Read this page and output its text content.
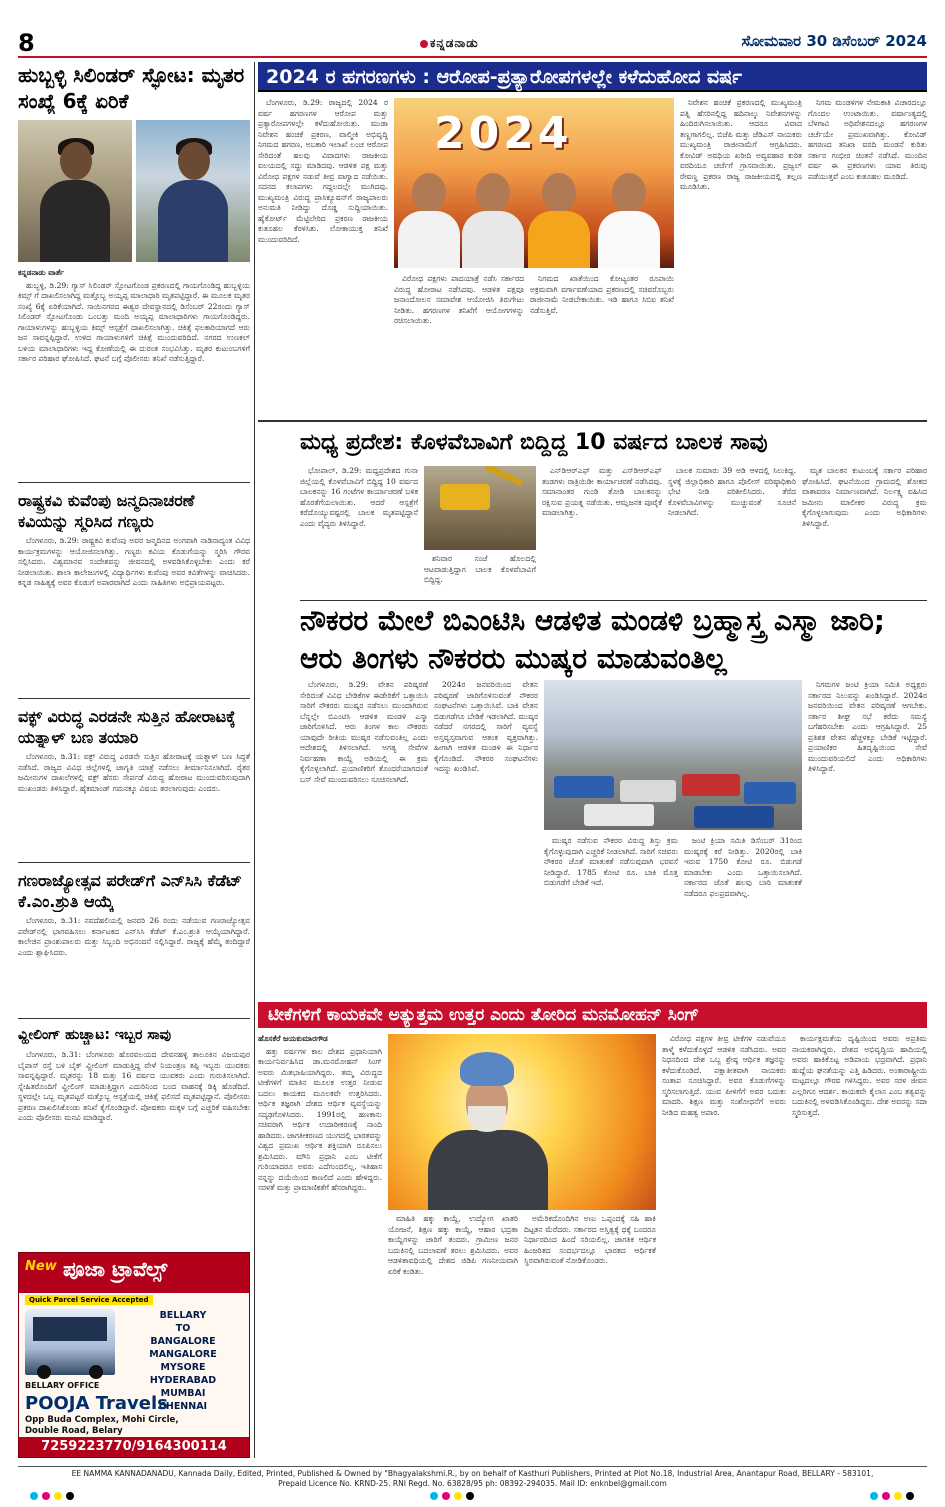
8	ಕನ್ನಡನಾಡು	ಸೋಮವಾರ 30 ಡಿಸೆಂಬರ್ 2024
ಹುಬ್ಬಳ್ಳಿ ಸಿಲಿಂಡರ್ ಸ್ಫೋಟ: ಮೃತರ ಸಂಖ್ಯೆ 6ಕ್ಕೆ ಏರಿಕೆ
ಕನ್ನಡನಾಡು ವಾರ್ತೆ

ಹುಬ್ಬಳ್ಳಿ, ಡಿ.29: ಗ್ಯಾಸ್ ಸಿಲಿಂಡರ್ ಸ್ಫೋಟಗೊಂಡ ಪ್ರಕರಣದಲ್ಲಿ ಗಾಯಗೊಂಡಿದ್ದ ಹುಬ್ಬಳ್ಳಿಯ ಕಿಮ್ಸ್ ಗೆ ದಾಖಲಿಸಲಾಗಿದ್ದ ಮತ್ತೊಬ್ಬ ಅಯ್ಯಪ್ಪ ಮಾಲಾಧಾರಿ ಮೃತಪಟ್ಟಿದ್ದಾರೆ. ಈ ಮೂಲಕ ಮೃತರ ಸಂಖ್ಯೆ 6ಕ್ಕೆ ಏರಿಕೆಯಾಗಿದೆ. ಸಾಯಿನಗರದ ಈಶ್ವರ ದೇವಸ್ಥಾನದಲ್ಲಿ ಡಿಸೆಂಬರ್ 22ರಂದು ಗ್ಯಾಸ್ ಸಿಲಿಂಡರ್ ಸ್ಫೋಟಗೊಂಡು ಒಂಬತ್ತು ಮಂದಿ ಅಯ್ಯಪ್ಪ ಮಾಲಾಧಾರಿಗಳು ಗಾಯಗೊಂಡಿದ್ದರು. ಗಾಯಾಳುಗಳನ್ನು ಹುಬ್ಬಳ್ಳಿಯ ಕಿಮ್ಸ್ ಆಸ್ಪತ್ರೆಗೆ ದಾಖಲಿಸಲಾಗಿತ್ತು. ಚಿಕಿತ್ಸೆ ಫಲಕಾರಿಯಾಗದೆ ಆರು ಜನ ಸಾವನ್ನಪ್ಪಿದ್ದಾರೆ. ಉಳಿದ ಗಾಯಾಳುಗಳಿಗೆ ಚಿಕಿತ್ಸೆ ಮುಂದುವರಿದಿದೆ. ನಗರದ ಉಣಕಲ್ ಬಳಿಯ ಮಾಲಾಧಾರಿಗಳು ಇದ್ದ ಕೋಣೆಯಲ್ಲಿ ಈ ದುರಂತ ಸಂಭವಿಸಿತ್ತು. ಮೃತರ ಕುಟುಂಬಗಳಿಗೆ ಸರ್ಕಾರ ಪರಿಹಾರ ಘೋಷಿಸಿದೆ. ಘಟನೆ ಬಗ್ಗೆ ಪೊಲೀಸರು ತನಿಖೆ ನಡೆಸುತ್ತಿದ್ದಾರೆ.

ರಾಷ್ಟ್ರಕವಿ ಕುವೆಂಪು ಜನ್ಮದಿನಾಚರಣೆ ಕವಿಯನ್ನು ಸ್ಮರಿಸಿದ ಗಣ್ಯರು

ಬೆಂಗಳೂರು, ಡಿ.29: ರಾಷ್ಟ್ರಕವಿ ಕುವೆಂಪು ಅವರ ಜನ್ಮದಿನದ ಅಂಗವಾಗಿ ನಾಡಿನಾದ್ಯಂತ ವಿವಿಧ ಕಾರ್ಯಕ್ರಮಗಳನ್ನು ಆಯೋಜಿಸಲಾಗಿತ್ತು. ಗಣ್ಯರು ಕವಿಯ ಕೊಡುಗೆಯನ್ನು ಸ್ಮರಿಸಿ ಗೌರವ ಸಲ್ಲಿಸಿದರು. ವಿಶ್ವಮಾನವ ಸಂದೇಶವನ್ನು ಜೀವನದಲ್ಲಿ ಅಳವಡಿಸಿಕೊಳ್ಳಬೇಕು ಎಂದು ಕರೆ ನೀಡಲಾಯಿತು. ಶಾಲಾ ಕಾಲೇಜುಗಳಲ್ಲಿ ವಿದ್ಯಾರ್ಥಿಗಳು ಕುವೆಂಪು ಅವರ ಕವಿತೆಗಳನ್ನು ವಾಚಿಸಿದರು. ಕನ್ನಡ ಸಾಹಿತ್ಯಕ್ಕೆ ಅವರ ಕೊಡುಗೆ ಅಪಾರವಾಗಿದೆ ಎಂದು ಸಾಹಿತಿಗಳು ಅಭಿಪ್ರಾಯಪಟ್ಟರು.

ವಕ್ಫ್ ವಿರುದ್ಧ ಎರಡನೇ ಸುತ್ತಿನ ಹೋರಾಟಕ್ಕೆ ಯತ್ನಾಳ್ ಬಣ ತಯಾರಿ

ಬೆಂಗಳೂರು, ಡಿ.31: ವಕ್ಫ್ ವಿರುದ್ಧ ಎರಡನೇ ಸುತ್ತಿನ ಹೋರಾಟಕ್ಕೆ ಯತ್ನಾಳ್ ಬಣ ಸಿದ್ಧತೆ ನಡೆಸಿದೆ. ರಾಜ್ಯದ ವಿವಿಧ ಜಿಲ್ಲೆಗಳಲ್ಲಿ ಜಾಗೃತಿ ಯಾತ್ರೆ ನಡೆಸಲು ತೀರ್ಮಾನಿಸಲಾಗಿದೆ. ರೈತರ ಜಮೀನುಗಳ ದಾಖಲೆಗಳಲ್ಲಿ ವಕ್ಫ್ ಹೆಸರು ಸೇರ್ಪಡೆ ವಿರುದ್ಧ ಹೋರಾಟ ಮುಂದುವರಿಸುವುದಾಗಿ ಮುಖಂಡರು ತಿಳಿಸಿದ್ದಾರೆ. ಹೈಕಮಾಂಡ್ ಗಮನಕ್ಕೂ ವಿಷಯ ತರಲಾಗುವುದು ಎಂದರು.

ಗಣರಾಜ್ಯೋತ್ಸವ ಪರೇಡ್‌ಗೆ ಎನ್‌ಸಿಸಿ ಕೆಡೆಟ್ ಕೆ.ಎಂ.ಶ್ರುತಿ ಆಯ್ಕೆ

ಬೆಂಗಳೂರು, ಡಿ.31: ನವದೆಹಲಿಯಲ್ಲಿ ಜನವರಿ 26 ರಂದು ನಡೆಯುವ ಗಣರಾಜ್ಯೋತ್ಸವ ಪರೇಡ್‌ನಲ್ಲಿ ಭಾಗವಹಿಸಲು ಕರ್ನಾಟಕದ ಎನ್‌ಸಿಸಿ ಕೆಡೆಟ್ ಕೆ.ಎಂ.ಶ್ರುತಿ ಆಯ್ಕೆಯಾಗಿದ್ದಾರೆ. ಕಾಲೇಜಿನ ಪ್ರಾಂಶುಪಾಲರು ಮತ್ತು ಸಿಬ್ಬಂದಿ ಅಭಿನಂದನೆ ಸಲ್ಲಿಸಿದ್ದಾರೆ. ರಾಜ್ಯಕ್ಕೆ ಹೆಮ್ಮೆ ತಂದಿದ್ದಾರೆ ಎಂದು ಶ್ಲಾಘಿಸಿದರು.

ವ್ಹೀಲಿಂಗ್ ಹುಚ್ಚಾಟ: ಇಬ್ಬರ ಸಾವು

ಬೆಂಗಳೂರು, ಡಿ.31: ಬೆಂಗಳೂರು ಹೊರವಲಯದ ದೇವನಹಳ್ಳಿ ತಾಲೂಕಿನ ವಿಜಯಪುರ ಬೈಪಾಸ್ ರಸ್ತೆ ಬಳಿ ಬೈಕ್ ವ್ಹೀಲಿಂಗ್ ಮಾಡುತ್ತಿದ್ದ ವೇಳೆ ನಿಯಂತ್ರಣ ತಪ್ಪಿ ಇಬ್ಬರು ಯುವಕರು ಸಾವನ್ನಪ್ಪಿದ್ದಾರೆ. ಮೃತರನ್ನು 18 ಮತ್ತು 16 ವರ್ಷದ ಯುವಕರು ಎಂದು ಗುರುತಿಸಲಾಗಿದೆ. ಸ್ನೇಹಿತರೊಂದಿಗೆ ವ್ಹೀಲಿಂಗ್ ಮಾಡುತ್ತಿದ್ದಾಗ ಎದುರಿನಿಂದ ಬಂದ ವಾಹನಕ್ಕೆ ಡಿಕ್ಕಿ ಹೊಡೆದಿದೆ. ಸ್ಥಳದಲ್ಲೇ ಒಬ್ಬ ಮೃತಪಟ್ಟರೆ ಮತ್ತೊಬ್ಬ ಆಸ್ಪತ್ರೆಯಲ್ಲಿ ಚಿಕಿತ್ಸೆ ಫಲಿಸದೆ ಮೃತಪಟ್ಟಿದ್ದಾನೆ. ಪೊಲೀಸರು ಪ್ರಕರಣ ದಾಖಲಿಸಿಕೊಂಡು ತನಿಖೆ ಕೈಗೊಂಡಿದ್ದಾರೆ. ಪೋಷಕರು ಮಕ್ಕಳ ಬಗ್ಗೆ ಎಚ್ಚರಿಕೆ ವಹಿಸಬೇಕು ಎಂದು ಪೊಲೀಸರು ಮನವಿ ಮಾಡಿದ್ದಾರೆ.

New ಪೂಜಾ ಟ್ರಾವೆಲ್ಸ್
Quick Parcel Service Accepted
BELLARY
TO
BANGALORE
MANGALORE
MYSORE
HYDERABAD
MUMBAI
CHENNAI
BELLARY OFFICE
POOJA Travels
Opp Buda Complex, Mohi Circle, Double Road, Belary
7259223770/9164300114
2024 ರ ಹಗರಣಗಳು : ಆರೋಪ-ಪ್ರತ್ಯಾರೋಪಗಳಲ್ಲೇ ಕಳೆದುಹೋದ ವರ್ಷ

ಬೆಂಗಳೂರು, ಡಿ.29: ರಾಜ್ಯದಲ್ಲಿ 2024 ರ ವರ್ಷ ಹಗರಣಗಳ ಆರೋಪ ಮತ್ತು ಪ್ರತ್ಯಾರೋಪಗಳಲ್ಲೇ ಕಳೆದುಹೋಯಿತು. ಮುಡಾ ನಿವೇಶನ ಹಂಚಿಕೆ ಪ್ರಕರಣ, ವಾಲ್ಮೀಕಿ ಅಭಿವೃದ್ಧಿ ನಿಗಮದ ಹಗರಣ, ಅಬಕಾರಿ ಇಲಾಖೆ ಲಂಚ ಆರೋಪ ಸೇರಿದಂತೆ ಹಲವು ವಿವಾದಗಳು ರಾಜಕೀಯ ವಲಯದಲ್ಲಿ ಸದ್ದು ಮಾಡಿದವು. ಆಡಳಿತ ಪಕ್ಷ ಮತ್ತು ವಿರೋಧ ಪಕ್ಷಗಳ ನಡುವೆ ತೀವ್ರ ವಾಗ್ವಾದ ನಡೆಯಿತು. ಸದನದ ಕಲಾಪಗಳು ಗದ್ದಲದಲ್ಲೇ ಮುಗಿದವು. ಮುಖ್ಯಮಂತ್ರಿ ವಿರುದ್ಧ ಪ್ರಾಸಿಕ್ಯೂಷನ್‌ಗೆ ರಾಜ್ಯಪಾಲರು ಅನುಮತಿ ನೀಡಿದ್ದು ದೊಡ್ಡ ಸುದ್ದಿಯಾಯಿತು. ಹೈಕೋರ್ಟ್ ಮೆಟ್ಟಿಲೇರಿದ ಪ್ರಕರಣ ರಾಜಕೀಯ ಕುತೂಹಲ ಕೆರಳಿಸಿತು. ಲೋಕಾಯುಕ್ತ ತನಿಖೆ ಮುಂದುವರಿದಿದೆ.

2024

ವಿರೋಧ ಪಕ್ಷಗಳು ಪಾದಯಾತ್ರೆ ನಡೆಸಿ ಸರ್ಕಾರದ ವಿರುದ್ಧ ಹೋರಾಟ ನಡೆಸಿದವು. ಆಡಳಿತ ಪಕ್ಷವೂ ಜನಾಂದೋಲನ ಸಮಾವೇಶ ಆಯೋಜಿಸಿ ತಿರುಗೇಟು ನೀಡಿತು. ಹಗರಣಗಳ ತನಿಖೆಗೆ ಆಯೋಗಗಳನ್ನು ರಚಿಸಲಾಯಿತು.

ನಿಗಮದ ಖಾತೆಯಿಂದ ಕೋಟ್ಯಂತರ ರೂಪಾಯಿ ಅಕ್ರಮವಾಗಿ ವರ್ಗಾವಣೆಯಾದ ಪ್ರಕರಣದಲ್ಲಿ ಸಚಿವರೊಬ್ಬರು ರಾಜೀನಾಮೆ ನೀಡಬೇಕಾಯಿತು. ಇಡಿ ಹಾಗೂ ಸಿಬಿಐ ತನಿಖೆ ನಡೆಸುತ್ತಿವೆ.

ನಿವೇಶನ ಹಂಚಿಕೆ ಪ್ರಕರಣದಲ್ಲಿ ಮುಖ್ಯಮಂತ್ರಿ ಪತ್ನಿ ಹೆಸರಿನಲ್ಲಿದ್ದ ಹದಿನಾಲ್ಕು ನಿವೇಶನಗಳನ್ನು ಹಿಂದಿರುಗಿಸಲಾಯಿತು. ಆದರೂ ವಿವಾದ ತಣ್ಣಗಾಗಲಿಲ್ಲ. ಬಿಜೆಪಿ ಮತ್ತು ಜೆಡಿಎಸ್ ನಾಯಕರು ಮುಖ್ಯಮಂತ್ರಿ ರಾಜೀನಾಮೆಗೆ ಆಗ್ರಹಿಸಿದರು. ಕೋವಿಡ್ ಅವಧಿಯ ಖರೀದಿ ಅವ್ಯವಹಾರ ಕುರಿತ ವರದಿಯೂ ಚರ್ಚೆಗೆ ಗ್ರಾಸವಾಯಿತು. ಪ್ರಜ್ವಲ್ ರೇವಣ್ಣ ಪ್ರಕರಣ ರಾಜ್ಯ ರಾಜಕೀಯದಲ್ಲಿ ತಲ್ಲಣ ಮೂಡಿಸಿತು.

ನಿಗಮ ಮಂಡಳಿಗಳ ನೇಮಕಾತಿ ವಿಚಾರದಲ್ಲೂ ಗೊಂದಲ ಉಂಟಾಯಿತು. ವರ್ಷಾಂತ್ಯದಲ್ಲಿ ಬೆಳಗಾವಿ ಅಧಿವೇಶನದಲ್ಲೂ ಹಗರಣಗಳ ಚರ್ಚೆಯೇ ಪ್ರಮುಖವಾಗಿತ್ತು. ಕೋವಿಡ್ ಹಗರಣದ ತನಿಖಾ ವರದಿ ಮಂಡನೆ ಕುರಿತು ಸರ್ಕಾರ ಗಂಭೀರ ಚಿಂತನೆ ನಡೆಸಿದೆ. ಮುಂದಿನ ವರ್ಷ ಈ ಪ್ರಕರಣಗಳು ಯಾವ ತಿರುವು ಪಡೆಯುತ್ತವೆ ಎಂಬ ಕುತೂಹಲ ಮೂಡಿದೆ.

ಮಧ್ಯ ಪ್ರದೇಶ: ಕೊಳವೆಬಾವಿಗೆ ಬಿದ್ದಿದ್ದ 10 ವರ್ಷದ ಬಾಲಕ ಸಾವು

ಭೋಪಾಲ್, ಡಿ.29: ಮಧ್ಯಪ್ರದೇಶದ ಗುನಾ ಜಿಲ್ಲೆಯಲ್ಲಿ ಕೊಳವೆಬಾವಿಗೆ ಬಿದ್ದಿದ್ದ 10 ವರ್ಷದ ಬಾಲಕನನ್ನು 16 ಗಂಟೆಗಳ ಕಾರ್ಯಾಚರಣೆ ಬಳಿಕ ಹೊರತೆಗೆಯಲಾಯಿತು. ಆದರೆ ಆಸ್ಪತ್ರೆಗೆ ಕರೆದೊಯ್ಯುವಷ್ಟರಲ್ಲಿ ಬಾಲಕ ಮೃತಪಟ್ಟಿದ್ದಾನೆ ಎಂದು ವೈದ್ಯರು ತಿಳಿಸಿದ್ದಾರೆ.

ಶನಿವಾರ ಸಂಜೆ ಹೊಲದಲ್ಲಿ ಆಟವಾಡುತ್ತಿದ್ದಾಗ ಬಾಲಕ ಕೊಳವೆಬಾವಿಗೆ ಬಿದ್ದಿದ್ದ.

ಎನ್‌ಡಿಆರ್‌ಎಫ್ ಮತ್ತು ಎಸ್‌ಡಿಆರ್‌ಎಫ್ ತಂಡಗಳು ರಾತ್ರಿಯಿಡೀ ಕಾರ್ಯಾಚರಣೆ ನಡೆಸಿದವು. ಸಮಾನಾಂತರ ಗುಂಡಿ ತೋಡಿ ಬಾಲಕನನ್ನು ರಕ್ಷಿಸುವ ಪ್ರಯತ್ನ ನಡೆಯಿತು. ಆಮ್ಲಜನಕ ಪೂರೈಕೆ ಮಾಡಲಾಗಿತ್ತು.

ಬಾಲಕ ಸುಮಾರು 39 ಅಡಿ ಆಳದಲ್ಲಿ ಸಿಲುಕಿದ್ದ. ಸ್ಥಳಕ್ಕೆ ಜಿಲ್ಲಾಧಿಕಾರಿ ಹಾಗೂ ಪೊಲೀಸ್ ವರಿಷ್ಠಾಧಿಕಾರಿ ಭೇಟಿ ನೀಡಿ ಪರಿಶೀಲಿಸಿದರು. ತೆರೆದ ಕೊಳವೆಬಾವಿಗಳನ್ನು ಮುಚ್ಚುವಂತೆ ಸೂಚನೆ ನೀಡಲಾಗಿದೆ.

ಮೃತ ಬಾಲಕನ ಕುಟುಂಬಕ್ಕೆ ಸರ್ಕಾರ ಪರಿಹಾರ ಘೋಷಿಸಿದೆ. ಘಟನೆಯಿಂದ ಗ್ರಾಮದಲ್ಲಿ ಶೋಕದ ವಾತಾವರಣ ನಿರ್ಮಾಣವಾಗಿದೆ. ನಿರ್ಲಕ್ಷ್ಯ ವಹಿಸಿದ ಜಮೀನು ಮಾಲೀಕರ ವಿರುದ್ಧ ಕ್ರಮ ಕೈಗೊಳ್ಳಲಾಗುವುದು ಎಂದು ಅಧಿಕಾರಿಗಳು ತಿಳಿಸಿದ್ದಾರೆ.

ನೌಕರರ ಮೇಲೆ ಬಿಎಂಟಿಸಿ ಆಡಳಿತ ಮಂಡಳಿ ಬ್ರಹ್ಮಾಸ್ತ್ರ ಎಸ್ಮಾ ಜಾರಿ; ಆರು ತಿಂಗಳು ನೌಕರರು ಮುಷ್ಕರ ಮಾಡುವಂತಿಲ್ಲ

ಬೆಂಗಳೂರು, ಡಿ.29: ವೇತನ ಪರಿಷ್ಕರಣೆ ಸೇರಿದಂತೆ ವಿವಿಧ ಬೇಡಿಕೆಗಳ ಈಡೇರಿಕೆಗೆ ಒತ್ತಾಯಿಸಿ ಸಾರಿಗೆ ನೌಕರರು ಮುಷ್ಕರ ನಡೆಸಲು ಮುಂದಾಗಿರುವ ಬೆನ್ನಲ್ಲೇ ಬಿಎಂಟಿಸಿ ಆಡಳಿತ ಮಂಡಳಿ ಎಸ್ಮಾ ಜಾರಿಗೊಳಿಸಿದೆ. ಆರು ತಿಂಗಳ ಕಾಲ ನೌಕರರು ಯಾವುದೇ ರೀತಿಯ ಮುಷ್ಕರ ನಡೆಸುವಂತಿಲ್ಲ ಎಂದು ಆದೇಶದಲ್ಲಿ ತಿಳಿಸಲಾಗಿದೆ. ಅಗತ್ಯ ಸೇವೆಗಳ ನಿರ್ವಹಣಾ ಕಾಯ್ದೆ ಅಡಿಯಲ್ಲಿ ಈ ಕ್ರಮ ಕೈಗೊಳ್ಳಲಾಗಿದೆ. ಪ್ರಯಾಣಿಕರಿಗೆ ತೊಂದರೆಯಾಗದಂತೆ ಬಸ್ ಸೇವೆ ಮುಂದುವರಿಸಲು ಸೂಚಿಸಲಾಗಿದೆ.

2024ರ ಜನವರಿಯಿಂದ ವೇತನ ಪರಿಷ್ಕರಣೆ ಜಾರಿಗೊಳಿಸುವಂತೆ ನೌಕರರ ಸಂಘಟನೆಗಳು ಒತ್ತಾಯಿಸಿವೆ. ಬಾಕಿ ವೇತನ ಬಿಡುಗಡೆಗೂ ಬೇಡಿಕೆ ಇಡಲಾಗಿದೆ. ಮುಷ್ಕರ ನಡೆದರೆ ನಗರದಲ್ಲಿ ಸಾರಿಗೆ ವ್ಯವಸ್ಥೆ ಅಸ್ತವ್ಯಸ್ತವಾಗುವ ಆತಂಕ ವ್ಯಕ್ತವಾಗಿತ್ತು. ಹೀಗಾಗಿ ಆಡಳಿತ ಮಂಡಳಿ ಈ ನಿರ್ಧಾರ ಕೈಗೊಂಡಿದೆ. ನೌಕರರ ಸಂಘಟನೆಗಳು ಇದನ್ನು ಖಂಡಿಸಿವೆ.

ಮುಷ್ಕರ ನಡೆಸುವ ನೌಕರರ ವಿರುದ್ಧ ಶಿಸ್ತು ಕ್ರಮ ಕೈಗೊಳ್ಳುವುದಾಗಿ ಎಚ್ಚರಿಕೆ ನೀಡಲಾಗಿದೆ. ಸಾರಿಗೆ ಸಚಿವರು ನೌಕರರ ಜೊತೆ ಮಾತುಕತೆ ನಡೆಸುವುದಾಗಿ ಭರವಸೆ ನೀಡಿದ್ದಾರೆ. 1785 ಕೋಟಿ ರೂ. ಬಾಕಿ ಮೊತ್ತ ಬಿಡುಗಡೆಗೆ ಬೇಡಿಕೆ ಇದೆ.

ಜಂಟಿ ಕ್ರಿಯಾ ಸಮಿತಿ ಡಿಸೆಂಬರ್ 31ರಿಂದ ಮುಷ್ಕರಕ್ಕೆ ಕರೆ ನೀಡಿತ್ತು. 2020ರಲ್ಲಿ ಬಾಕಿ ಇರುವ 1750 ಕೋಟಿ ರೂ. ಬಿಡುಗಡೆ ಮಾಡಬೇಕು ಎಂದು ಒತ್ತಾಯಿಸಲಾಗಿದೆ. ಸರ್ಕಾರದ ಜೊತೆ ಹಲವು ಬಾರಿ ಮಾತುಕತೆ ನಡೆದರೂ ಫಲಪ್ರದವಾಗಿಲ್ಲ.

ನಿಗಮಗಳ ಜಂಟಿ ಕ್ರಿಯಾ ಸಮಿತಿ ಅಧ್ಯಕ್ಷರು ಸರ್ಕಾರದ ನಿಲುವನ್ನು ಖಂಡಿಸಿದ್ದಾರೆ. 2024ರ ಜನವರಿಯಿಂದ ವೇತನ ಪರಿಷ್ಕರಣೆ ಆಗಬೇಕು. ಸರ್ಕಾರ ಶೀಘ್ರ ಸಭೆ ಕರೆದು ಸಮಸ್ಯೆ ಬಗೆಹರಿಸಬೇಕು ಎಂದು ಆಗ್ರಹಿಸಿದ್ದಾರೆ. 25 ಪ್ರತಿಶತ ವೇತನ ಹೆಚ್ಚಳಕ್ಕೂ ಬೇಡಿಕೆ ಇಟ್ಟಿದ್ದಾರೆ. ಪ್ರಯಾಣಿಕರ ಹಿತದೃಷ್ಟಿಯಿಂದ ಸೇವೆ ಮುಂದುವರಿಯಲಿದೆ ಎಂದು ಅಧಿಕಾರಿಗಳು ತಿಳಿಸಿದ್ದಾರೆ.

ಟೀಕೆಗಳಿಗೆ ಕಾಯಕವೇ ಅತ್ಯುತ್ತಮ ಉತ್ತರ ಎಂದು ತೋರಿದ ಮನಮೋಹನ್ ಸಿಂಗ್
ಹೊಸಕೆರೆ ಜಯಕುಮಾರಗೌಡ

ಹತ್ತು ವರ್ಷಗಳ ಕಾಲ ದೇಶದ ಪ್ರಧಾನಿಯಾಗಿ ಕಾರ್ಯನಿರ್ವಹಿಸಿದ ಡಾ.ಮನಮೋಹನ್ ಸಿಂಗ್ ಅವರು ಮಿತಭಾಷಿಯಾಗಿದ್ದರು. ತಮ್ಮ ವಿರುದ್ಧದ ಟೀಕೆಗಳಿಗೆ ಮಾತಿನ ಮೂಲಕ ಉತ್ತರ ನೀಡುವ ಬದಲು ಕಾಯಕದ ಮೂಲಕವೇ ಉತ್ತರಿಸಿದರು. ಆರ್ಥಿಕ ತಜ್ಞರಾಗಿ ದೇಶದ ಆರ್ಥಿಕ ವ್ಯವಸ್ಥೆಯನ್ನು ಸದೃಢಗೊಳಿಸಿದರು. 1991ರಲ್ಲಿ ಹಣಕಾಸು ಸಚಿವರಾಗಿ ಆರ್ಥಿಕ ಉದಾರೀಕರಣಕ್ಕೆ ನಾಂದಿ ಹಾಡಿದರು. ಜಾಗತೀಕರಣದ ಯುಗದಲ್ಲಿ ಭಾರತವನ್ನು ವಿಶ್ವದ ಪ್ರಮುಖ ಆರ್ಥಿಕ ಶಕ್ತಿಯಾಗಿ ರೂಪಿಸಲು ಶ್ರಮಿಸಿದರು. ಮೌನಿ ಪ್ರಧಾನಿ ಎಂಬ ಟೀಕೆಗೆ ಗುರಿಯಾದರೂ ಅವರು ಎದೆಗುಂದಲಿಲ್ಲ. ಇತಿಹಾಸ ನನ್ನನ್ನು ದಯೆಯಿಂದ ಕಾಣಲಿದೆ ಎಂದು ಹೇಳಿದ್ದರು. ಸರಳತೆ ಮತ್ತು ಪ್ರಾಮಾಣಿಕತೆಗೆ ಹೆಸರಾಗಿದ್ದರು.

ಮಾಹಿತಿ ಹಕ್ಕು ಕಾಯ್ದೆ, ಉದ್ಯೋಗ ಖಾತರಿ ಯೋಜನೆ, ಶಿಕ್ಷಣ ಹಕ್ಕು ಕಾಯ್ದೆ, ಆಹಾರ ಭದ್ರತಾ ಕಾಯ್ದೆಗಳನ್ನು ಜಾರಿಗೆ ತಂದರು. ಗ್ರಾಮೀಣ ಜನರ ಬದುಕಿನಲ್ಲಿ ಬದಲಾವಣೆ ತರಲು ಶ್ರಮಿಸಿದರು. ಅವರ ಆಡಳಿತಾವಧಿಯಲ್ಲಿ ದೇಶದ ಜಿಡಿಪಿ ಗಣನೀಯವಾಗಿ ಏರಿಕೆ ಕಂಡಿತು.

ಅಮೆರಿಕದೊಂದಿಗಿನ ಅಣು ಒಪ್ಪಂದಕ್ಕೆ ಸಹಿ ಹಾಕಿ ದಿಟ್ಟತನ ಮೆರೆದರು. ಸರ್ಕಾರದ ಅಸ್ತಿತ್ವಕ್ಕೆ ಧಕ್ಕೆ ಬಂದರೂ ನಿರ್ಧಾರದಿಂದ ಹಿಂದೆ ಸರಿಯಲಿಲ್ಲ. ಜಾಗತಿಕ ಆರ್ಥಿಕ ಹಿಂಜರಿತದ ಸಂದರ್ಭದಲ್ಲೂ ಭಾರತದ ಆರ್ಥಿಕತೆ ಸ್ಥಿರವಾಗಿರುವಂತೆ ನೋಡಿಕೊಂಡರು.

ವಿರೋಧ ಪಕ್ಷಗಳ ತೀವ್ರ ಟೀಕೆಗಳ ನಡುವೆಯೂ ತಾಳ್ಮೆ ಕಳೆದುಕೊಳ್ಳದೆ ಆಡಳಿತ ನಡೆಸಿದರು. ಅವರ ನಿಧನದಿಂದ ದೇಶ ಒಬ್ಬ ಶ್ರೇಷ್ಠ ಆರ್ಥಿಕ ತಜ್ಞನನ್ನು ಕಳೆದುಕೊಂಡಿದೆ. ಪಕ್ಷಾತೀತವಾಗಿ ನಾಯಕರು ಸಂತಾಪ ಸೂಚಿಸಿದ್ದಾರೆ. ಅವರ ಕೊಡುಗೆಗಳನ್ನು ಸ್ಮರಿಸಲಾಗುತ್ತಿದೆ. ಯುವ ಪೀಳಿಗೆಗೆ ಅವರ ಬದುಕು ಮಾದರಿ. ಶಿಕ್ಷಣ ಮತ್ತು ಸಂಶೋಧನೆಗೆ ಅವರು ನೀಡಿದ ಮಹತ್ವ ಅಪಾರ.

ಕಾರ್ಯಕ್ಷಮತೆಯ ದೃಷ್ಟಿಯಿಂದ ಅವರು ಅಪ್ರತಿಮ ನಾಯಕರಾಗಿದ್ದರು. ದೇಶದ ಅಭಿವೃದ್ಧಿಯ ಹಾದಿಯಲ್ಲಿ ಅವರು ಹಾಕಿಕೊಟ್ಟ ಅಡಿಪಾಯ ಭದ್ರವಾಗಿದೆ. ಪ್ರಧಾನಿ ಹುದ್ದೆಯ ಘನತೆಯನ್ನು ಎತ್ತಿ ಹಿಡಿದರು. ಅಂತಾರಾಷ್ಟ್ರೀಯ ಮಟ್ಟದಲ್ಲೂ ಗೌರವ ಗಳಿಸಿದ್ದರು. ಅವರ ಸರಳ ಜೀವನ ಎಲ್ಲರಿಗೂ ಆದರ್ಶ. ಕಾಯಕವೇ ಕೈಲಾಸ ಎಂಬ ತತ್ವವನ್ನು ಬದುಕಿನಲ್ಲಿ ಅಳವಡಿಸಿಕೊಂಡಿದ್ದರು. ದೇಶ ಅವರನ್ನು ಸದಾ ಸ್ಮರಿಸುತ್ತದೆ.

EE NAMMA KANNADANADU, Kannada Daily, Edited, Printed, Published & Owned by "Bhagyalakshmi.R., by on behalf of Kasthuri Publishers, Printed at Plot No.18, Industrial Area, Anantapur Road, BELLARY - 583101,
Prepaid Licence No. KRND-25. RNI Regd. No. 63828/95 ph: 08392-294035. Mail ID: enknbel@gmail.com
